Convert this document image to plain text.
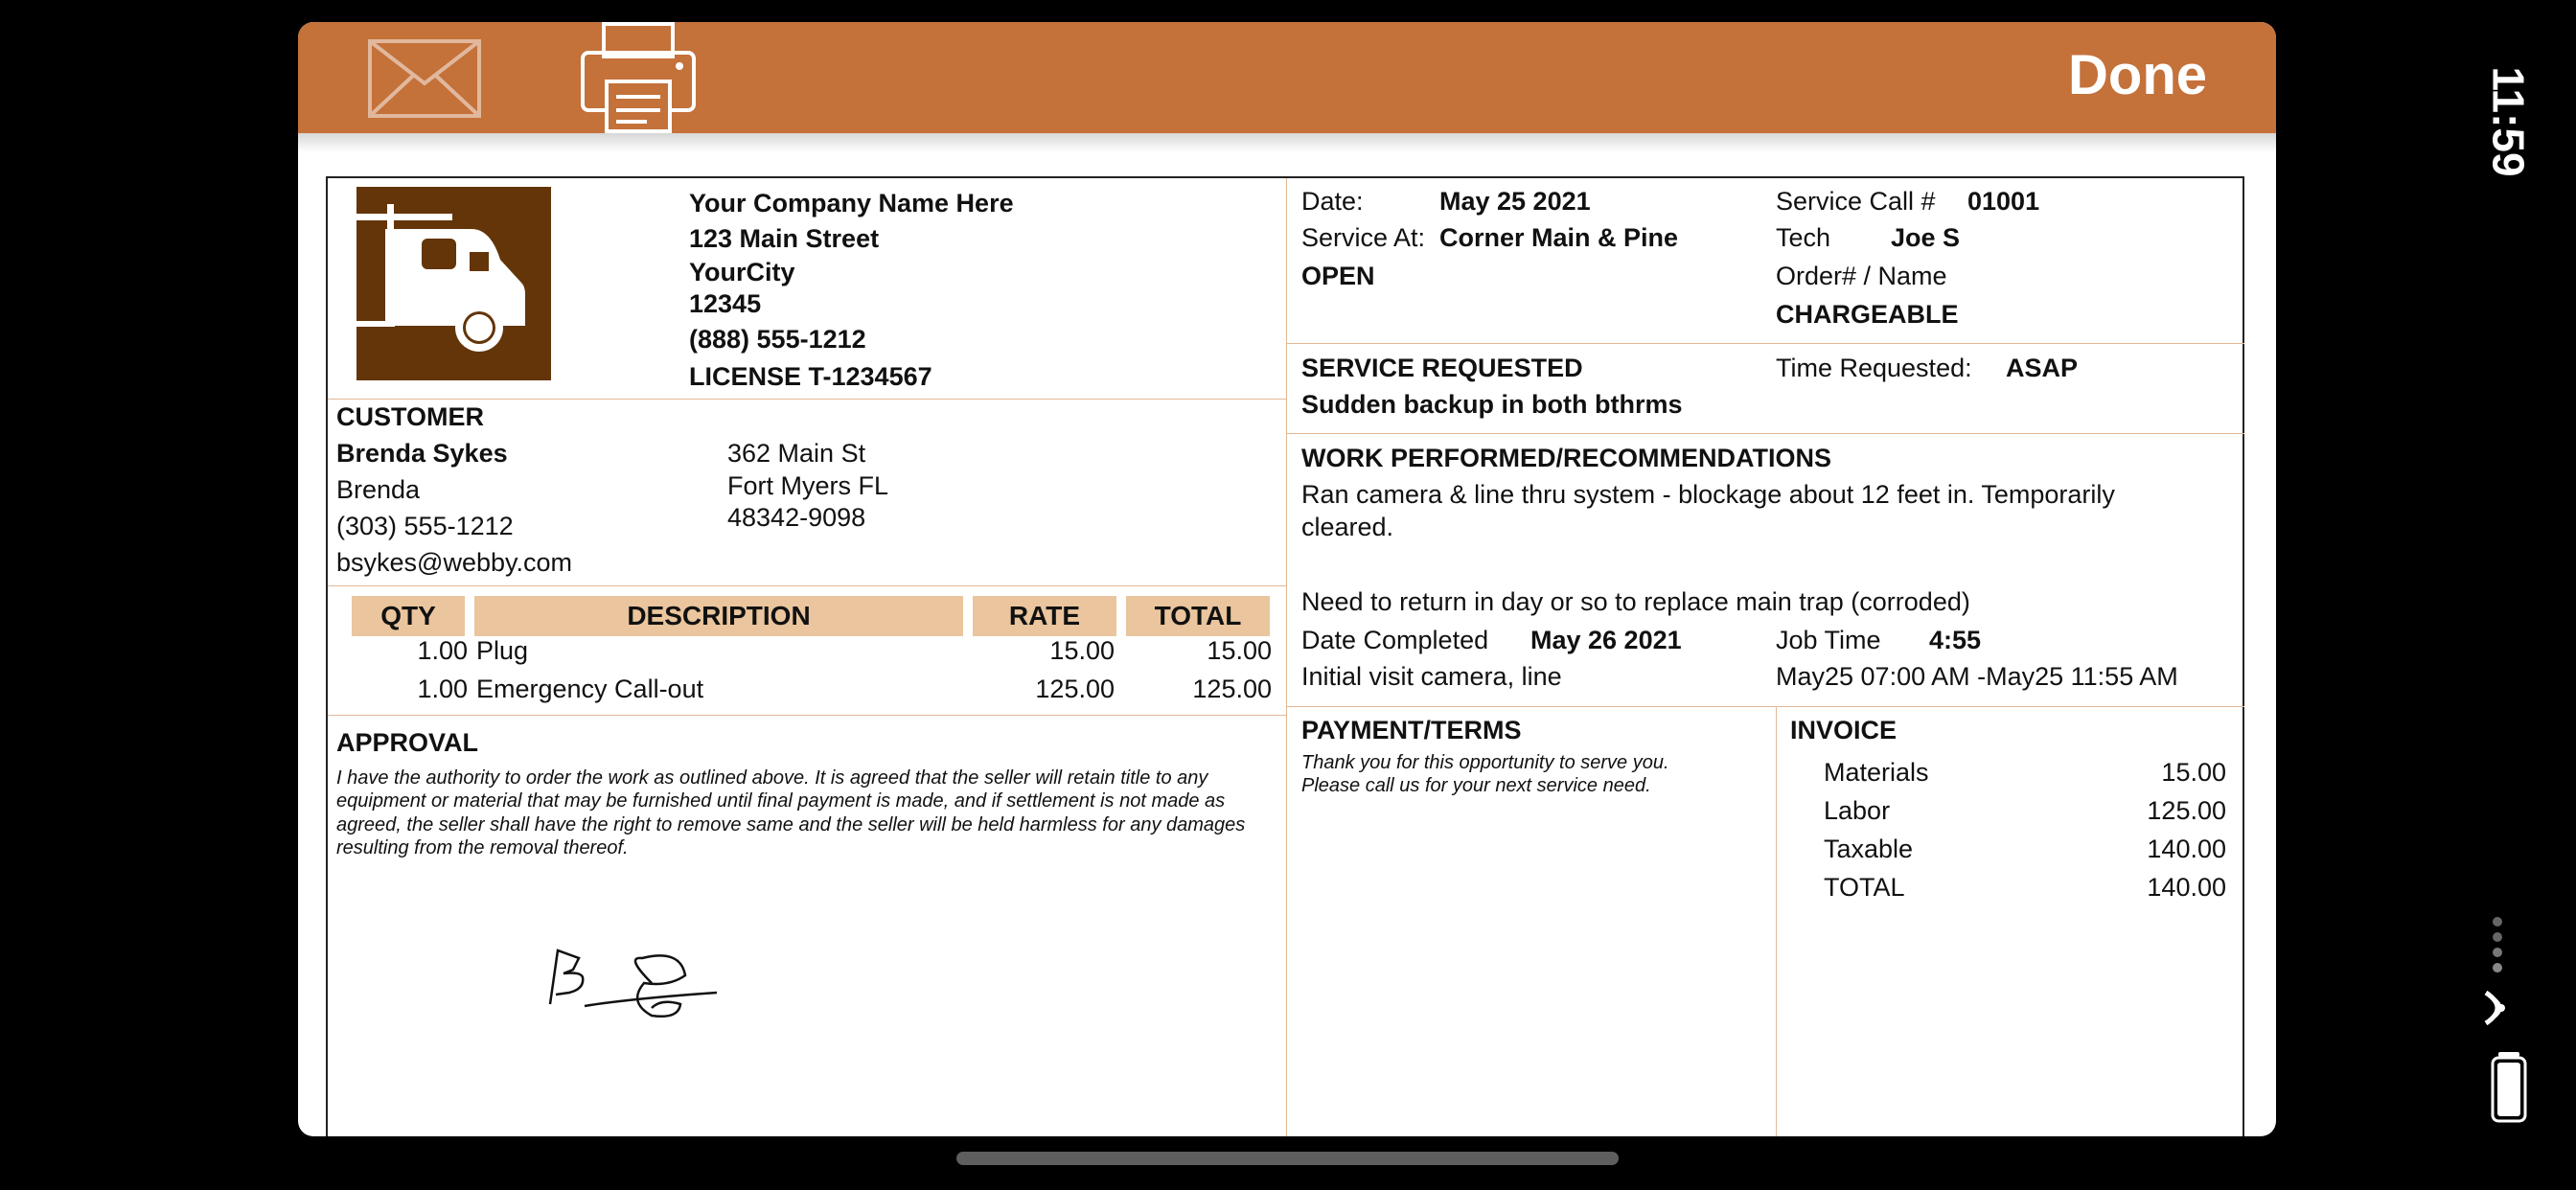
Done
Your Company Name Here
123 Main Street
YourCity
12345
(888) 555-1212
LICENSE T-1234567
CUSTOMER
Brenda Sykes
Brenda
(303) 555-1212
bsykes@webby.com
362 Main St
Fort Myers FL
48342-9098
QTY	DESCRIPTION	RATE	TOTAL
1.00 Plug	15.00	15.00
1.00 Emergency Call-out	125.00	125.00
APPROVAL
I have the authority to order the work as outlined above. It is agreed that the seller will retain title to any equipment or material that may be furnished until final payment is made, and if settlement is not made as agreed, the seller shall have the right to remove same and the seller will be held harmless for any damages resulting from the removal thereof.
Date:	May 25 2021
Service At: Corner Main & Pine
OPEN
Service Call # 01001
Tech Joe S
Order# / Name
CHARGEABLE
SERVICE REQUESTED
Sudden backup in both bthrms
Time Requested: ASAP
WORK PERFORMED/RECOMMENDATIONS
Ran camera & line thru system - blockage about 12 feet in. Temporarily
cleared.
Need to return in day or so to replace main trap (corroded)
Date Completed May 26 2021	Job Time 4:55
Initial visit camera, line	May25 07:00 AM -May25 11:55 AM
PAYMENT/TERMS
Thank you for this opportunity to serve you.
Please call us for your next service need.
INVOICE
Materials	15.00
Labor	125.00
Taxable	140.00
TOTAL	140.00
11:59
